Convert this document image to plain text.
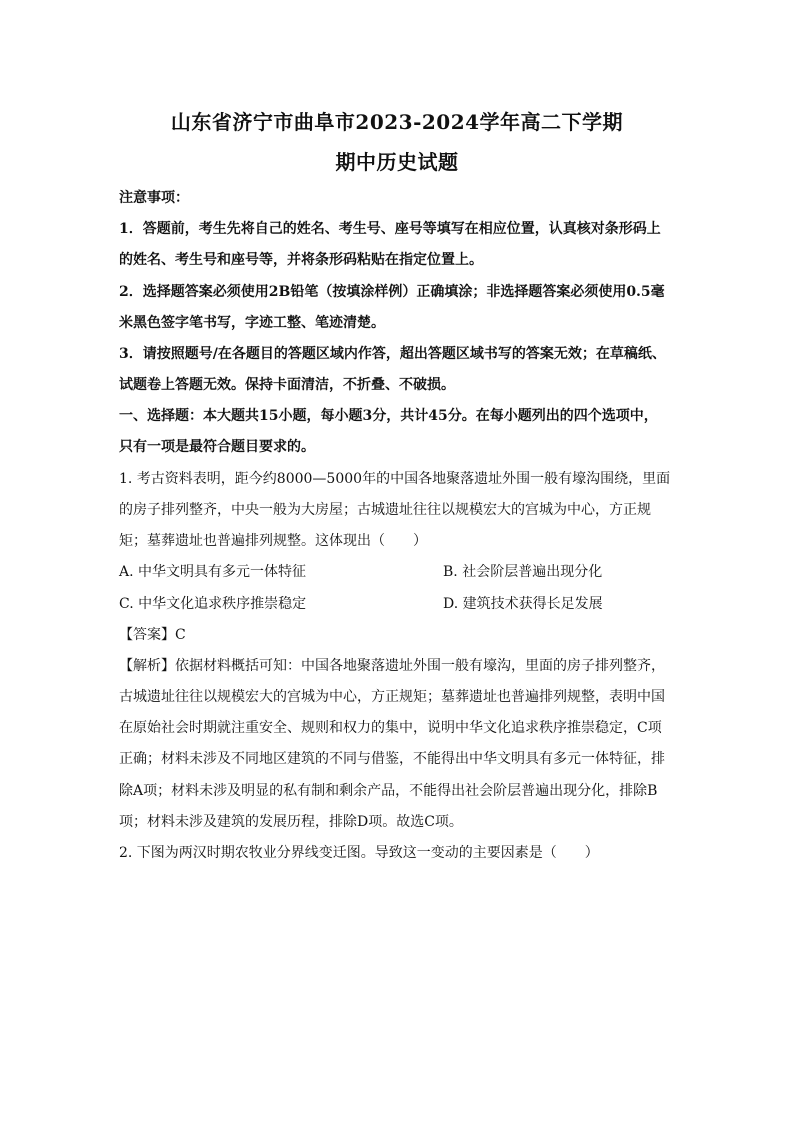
山东省济宁市曲阜市2023-2024学年高二下学期
期中历史试题
注意事项：
1．答题前，考生先将自己的姓名、考生号、座号等填写在相应位置，认真核对条形码上
的姓名、考生号和座号等，并将条形码粘贴在指定位置上。
2．选择题答案必须使用2B铅笔（按填涂样例）正确填涂；非选择题答案必须使用0.5毫
米黑色签字笔书写，字迹工整、笔迹清楚。
3．请按照题号/在各题目的答题区域内作答，超出答题区域书写的答案无效；在草稿纸、
试题卷上答题无效。保持卡面清洁，不折叠、不破损。
一、选择题：本大题共15小题，每小题3分，共计45分。在每小题列出的四个选项中，
只有一项是最符合题目要求的。
1. 考古资料表明，距今约8000—5000年的中国各地聚落遗址外围一般有壕沟围绕，里面
的房子排列整齐，中央一般为大房屋；古城遗址往往以规模宏大的宫城为中心，方正规
矩；墓葬遗址也普遍排列规整。这体现出（　　）
A. 中华文明具有多元一体特征	B. 社会阶层普遍出现分化
C. 中华文化追求秩序推崇稳定	D. 建筑技术获得长足发展
【答案】C
【解析】依据材料概括可知：中国各地聚落遗址外围一般有壕沟，里面的房子排列整齐，
古城遗址往往以规模宏大的宫城为中心，方正规矩；墓葬遗址也普遍排列规整，表明中国
在原始社会时期就注重安全、规则和权力的集中，说明中华文化追求秩序推崇稳定，C项
正确；材料未涉及不同地区建筑的不同与借鉴，不能得出中华文明具有多元一体特征，排
除A项；材料未涉及明显的私有制和剩余产品，不能得出社会阶层普遍出现分化，排除B
项；材料未涉及建筑的发展历程，排除D项。故选C项。
2. 下图为两汉时期农牧业分界线变迁图。导致这一变动的主要因素是（　　）
